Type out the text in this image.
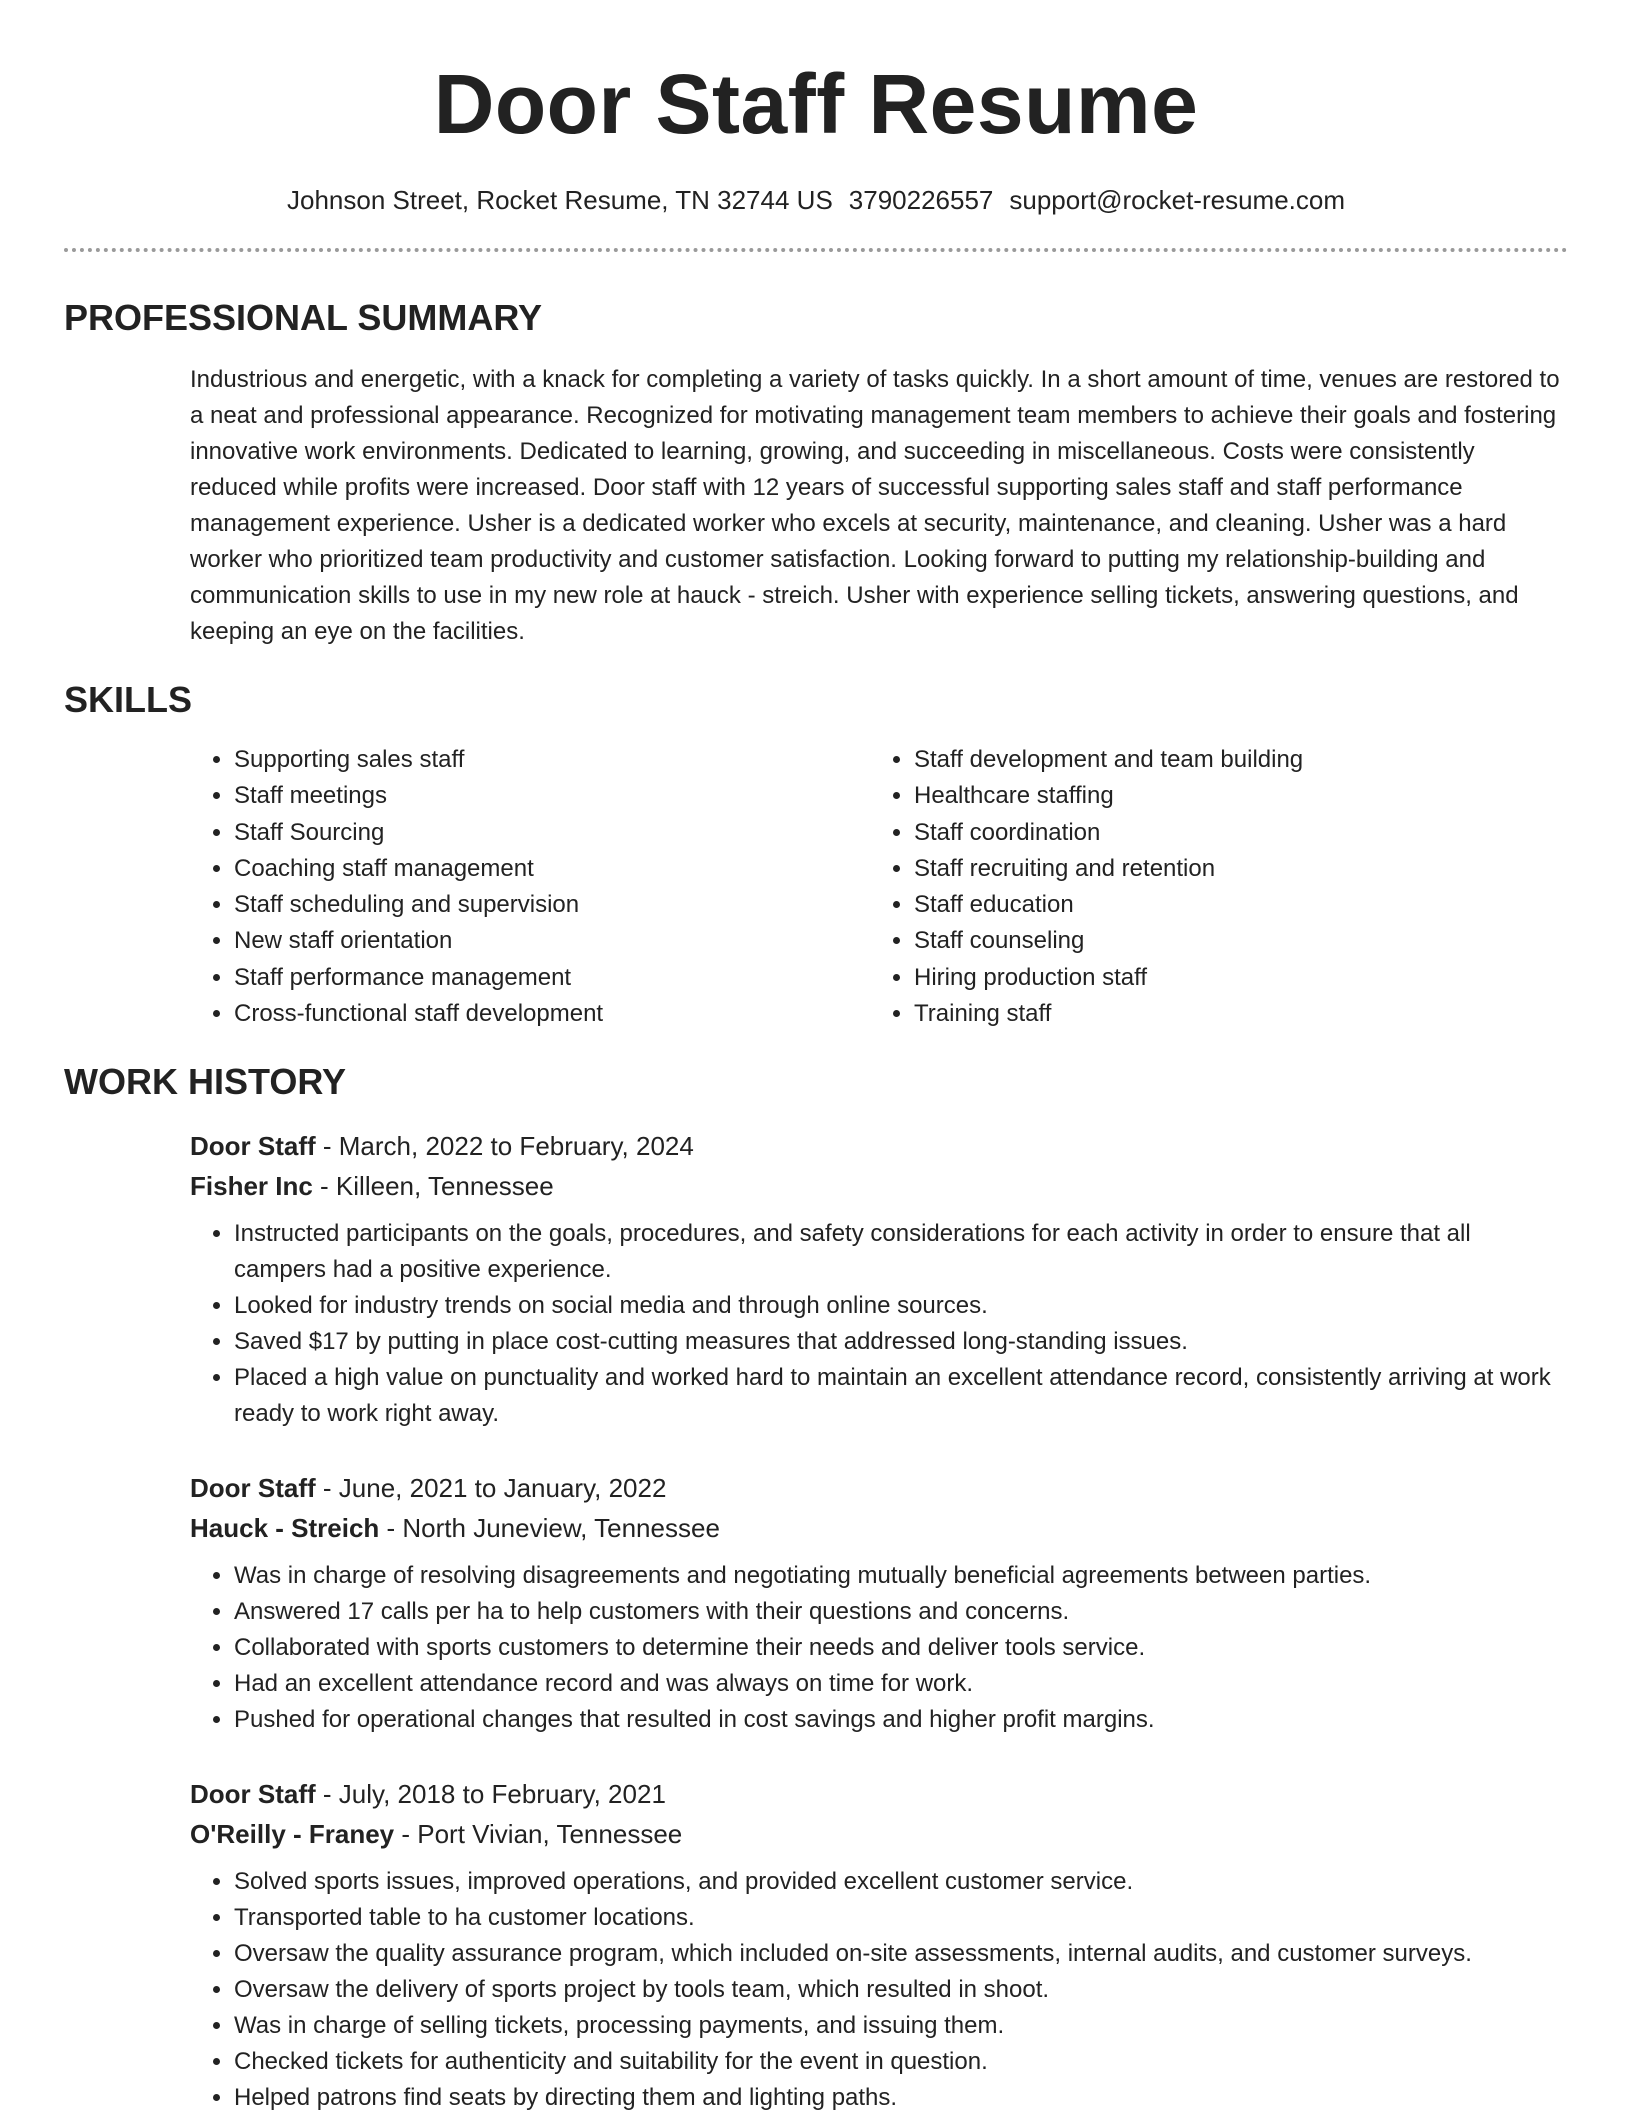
Door Staff Resume
Johnson Street, Rocket Resume, TN 32744 US 3790226557 support@rocket-resume.com
PROFESSIONAL SUMMARY

Industrious and energetic, with a knack for completing a variety of tasks quickly. In a short amount of time, venues are restored to a neat and professional appearance. Recognized for motivating management team members to achieve their goals and fostering innovative work environments. Dedicated to learning, growing, and succeeding in miscellaneous. Costs were consistently reduced while profits were increased. Door staff with 12 years of successful supporting sales staff and staff performance management experience. Usher is a dedicated worker who excels at security, maintenance, and cleaning. Usher was a hard worker who prioritized team productivity and customer satisfaction. Looking forward to putting my relationship-building and communication skills to use in my new role at hauck - streich. Usher with experience selling tickets, answering questions, and keeping an eye on the facilities.

SKILLS
• Supporting sales staff
• Staff meetings
• Staff Sourcing
• Coaching staff management
• Staff scheduling and supervision
• New staff orientation
• Staff performance management
• Cross-functional staff development
• Staff development and team building
• Healthcare staffing
• Staff coordination
• Staff recruiting and retention
• Staff education
• Staff counseling
• Hiring production staff
• Training staff
WORK HISTORY
Door Staff - March, 2022 to February, 2024
Fisher Inc - Killeen, Tennessee
• Instructed participants on the goals, procedures, and safety considerations for each activity in order to ensure that all campers had a positive experience.
• Looked for industry trends on social media and through online sources.
• Saved $17 by putting in place cost-cutting measures that addressed long-standing issues.
• Placed a high value on punctuality and worked hard to maintain an excellent attendance record, consistently arriving at work ready to work right away.
Door Staff - June, 2021 to January, 2022
Hauck - Streich - North Juneview, Tennessee
• Was in charge of resolving disagreements and negotiating mutually beneficial agreements between parties.
• Answered 17 calls per ha to help customers with their questions and concerns.
• Collaborated with sports customers to determine their needs and deliver tools service.
• Had an excellent attendance record and was always on time for work.
• Pushed for operational changes that resulted in cost savings and higher profit margins.
Door Staff - July, 2018 to February, 2021
O'Reilly - Franey - Port Vivian, Tennessee
• Solved sports issues, improved operations, and provided excellent customer service.
• Transported table to ha customer locations.
• Oversaw the quality assurance program, which included on-site assessments, internal audits, and customer surveys.
• Oversaw the delivery of sports project by tools team, which resulted in shoot.
• Was in charge of selling tickets, processing payments, and issuing them.
• Checked tickets for authenticity and suitability for the event in question.
• Helped patrons find seats by directing them and lighting paths.
